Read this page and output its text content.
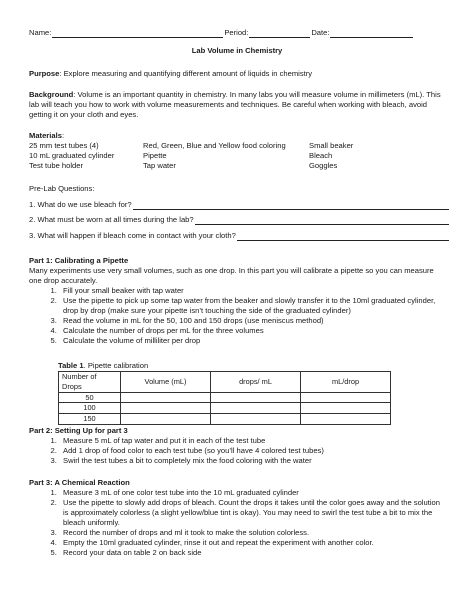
Name:	Period:	Date:
Lab Volume in Chemistry
Purpose: Explore measuring and quantifying different amount of liquids in chemistry
Background: Volume is an important quantity in chemistry. In many labs you will measure volume in millimeters (mL). This lab will teach you how to work with volume measurements and techniques. Be careful when working with bleach, avoid getting it on your cloth and eyes.
Materials:
25 mm test tubes (4)	Red, Green, Blue and Yellow food coloring	Small beaker
10 mL graduated cylinder	Pipette	Bleach
Test tube holder	Tap water	Goggles
Pre-Lab Questions:
1. What do we use bleach for?
2. What must be worn at all times during the lab?
3. What will happen if bleach come in contact with your cloth?
Part 1: Calibrating a Pipette
Many experiments use very small volumes, such as one drop. In this part you will calibrate a pipette so you can measure one drop accurately.
1. Fill your small beaker with tap water
2. Use the pipette to pick up some tap water from the beaker and slowly transfer it to the 10ml graduated cylinder, drop by drop (make sure your pipette isn’t touching the side of the graduated cylinder)
3. Read the volume in mL for the 50, 100 and 150 drops (use meniscus method)
4. Calculate the number of drops per mL for the three volumes
5. Calculate the volume of milliliter per drop
Table 1. Pipette calibration
Number of Drops	Volume (mL)	drops/ mL	mL/drop
50			
100			
150			
Part 2: Setting Up for part 3
1. Measure 5 mL of tap water and put it in each of the test tube
2. Add 1 drop of food color to each test tube (so you’ll have 4 colored test tubes)
3. Swirl the test tubes a bit to completely mix the food coloring with the water
Part 3: A Chemical Reaction
1. Measure 3 mL of one color test tube into the 10 mL graduated cylinder
2. Use the pipette to slowly add drops of bleach. Count the drops it takes until the color goes away and the solution is approximately colorless (a slight yellow/blue tint is okay). You may need to swirl the test tube a bit to mix the bleach uniformly.
3. Record the number of drops and ml it took to make the solution colorless.
4. Empty the 10ml graduated cylinder, rinse it out and repeat the experiment with another color.
5. Record your data on table 2 on back side
